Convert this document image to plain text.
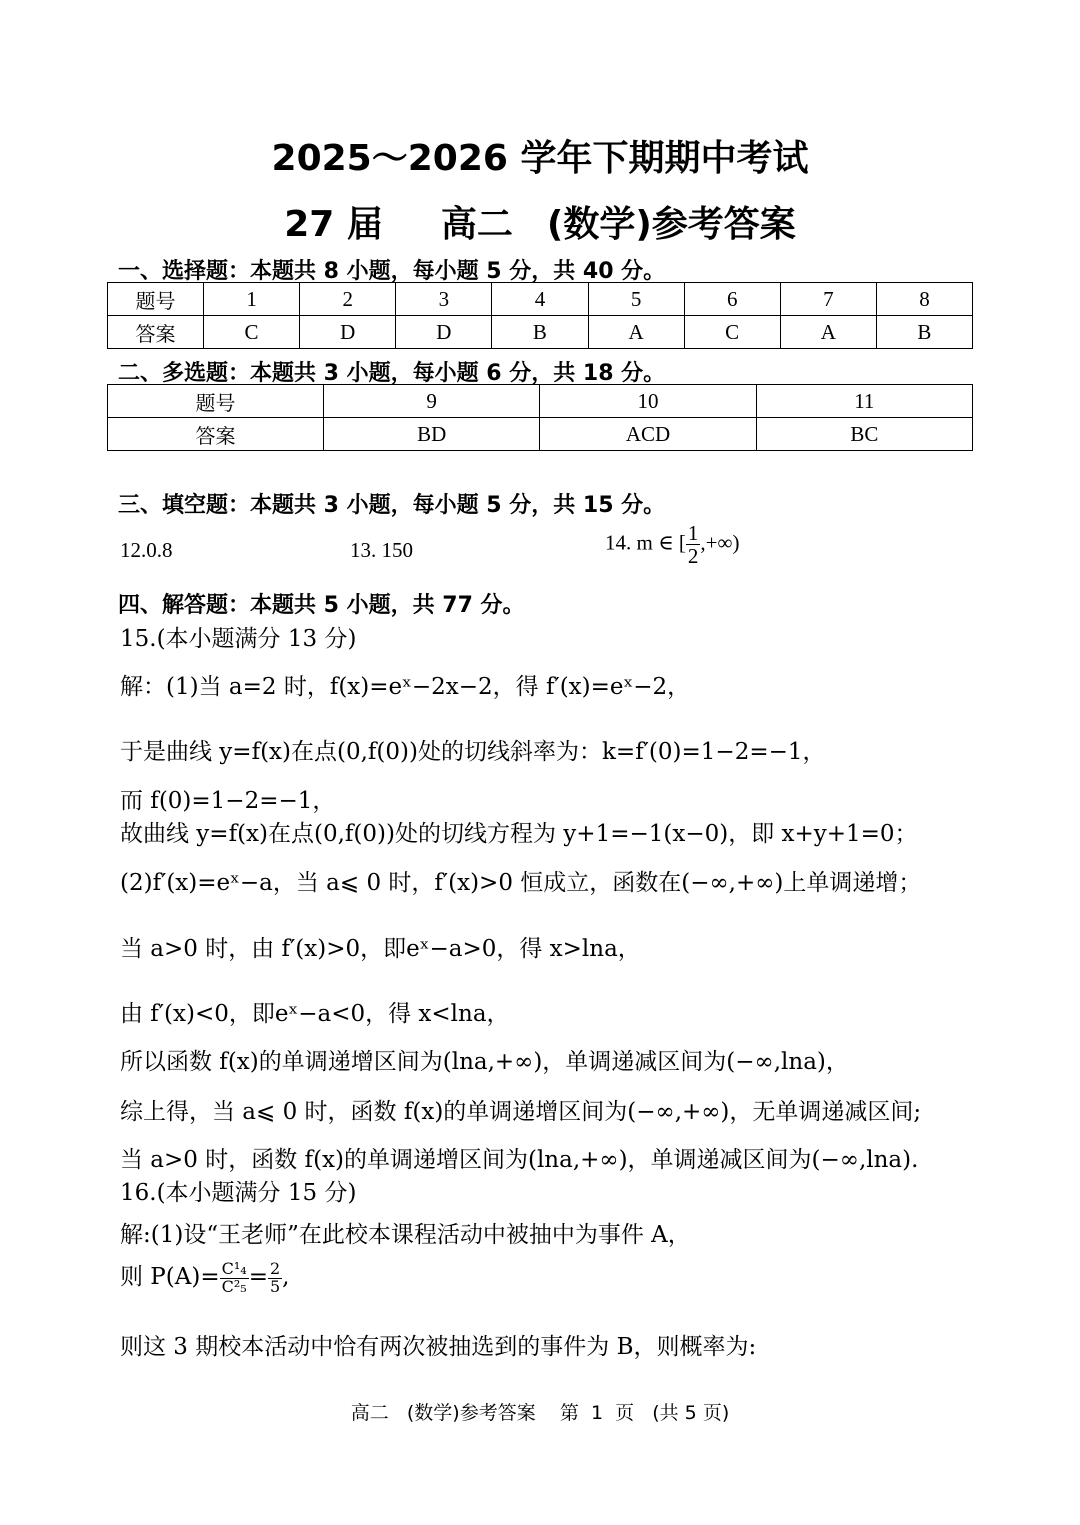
2025～2026 学年下期期中考试
27 届 高二 (数学)参考答案
一、选择题：本题共 8 小题，每小题 5 分，共 40 分。
题号	1	2	3	4	5	6	7	8
答案	C	D	D	B	A	C	A	B
二、多选题：本题共 3 小题，每小题 6 分，共 18 分。
题号	9	10	11
答案	BD	ACD	BC
三、填空题：本题共 3 小题，每小题 5 分，共 15 分。
12.0.8	13. 150	14. m ∈ [ $\frac{1}{2}$ ,+∞)
四、解答题：本题共 5 小题，共 77 分。
15.(本小题满分 13 分)
解：(1)当 a=2 时，f(x)=eˣ−2x−2，得 f′(x)=eˣ−2，
于是曲线 y=f(x)在点(0,f(0))处的切线斜率为：k=f′(0)=1−2=−1，
而 f(0)=1−2=−1，
故曲线 y=f(x)在点(0,f(0))处的切线方程为 y+1=−1(x−0)，即 x+y+1=0；
(2)f′(x)=eˣ−a，当 a⩽ 0 时，f′(x)>0 恒成立，函数在(−∞,+∞)上单调递增；
当 a>0 时，由 f′(x)>0，即eˣ−a>0，得 x>lna，
由 f′(x)<0，即eˣ−a<0，得 x<lna，
所以函数 f(x)的单调递增区间为(lna,+∞)，单调递减区间为(−∞,lna)，
综上得，当 a⩽ 0 时，函数 f(x)的单调递增区间为(−∞,+∞)，无单调递减区间;
当 a>0 时，函数 f(x)的单调递增区间为(lna,+∞)，单调递减区间为(−∞,lna).
16.(本小题满分 15 分)
解:(1)设“王老师”在此校本课程活动中被抽中为事件 A，
则 $P(A)= \frac{\text{C¹₄}}{\text{C²₅}} = \frac{2}{5}$ ,
则这 3 期校本活动中恰有两次被抽选到的事件为 B，则概率为:
高二   (数学)参考答案    第  1  页   (共 5 页)
